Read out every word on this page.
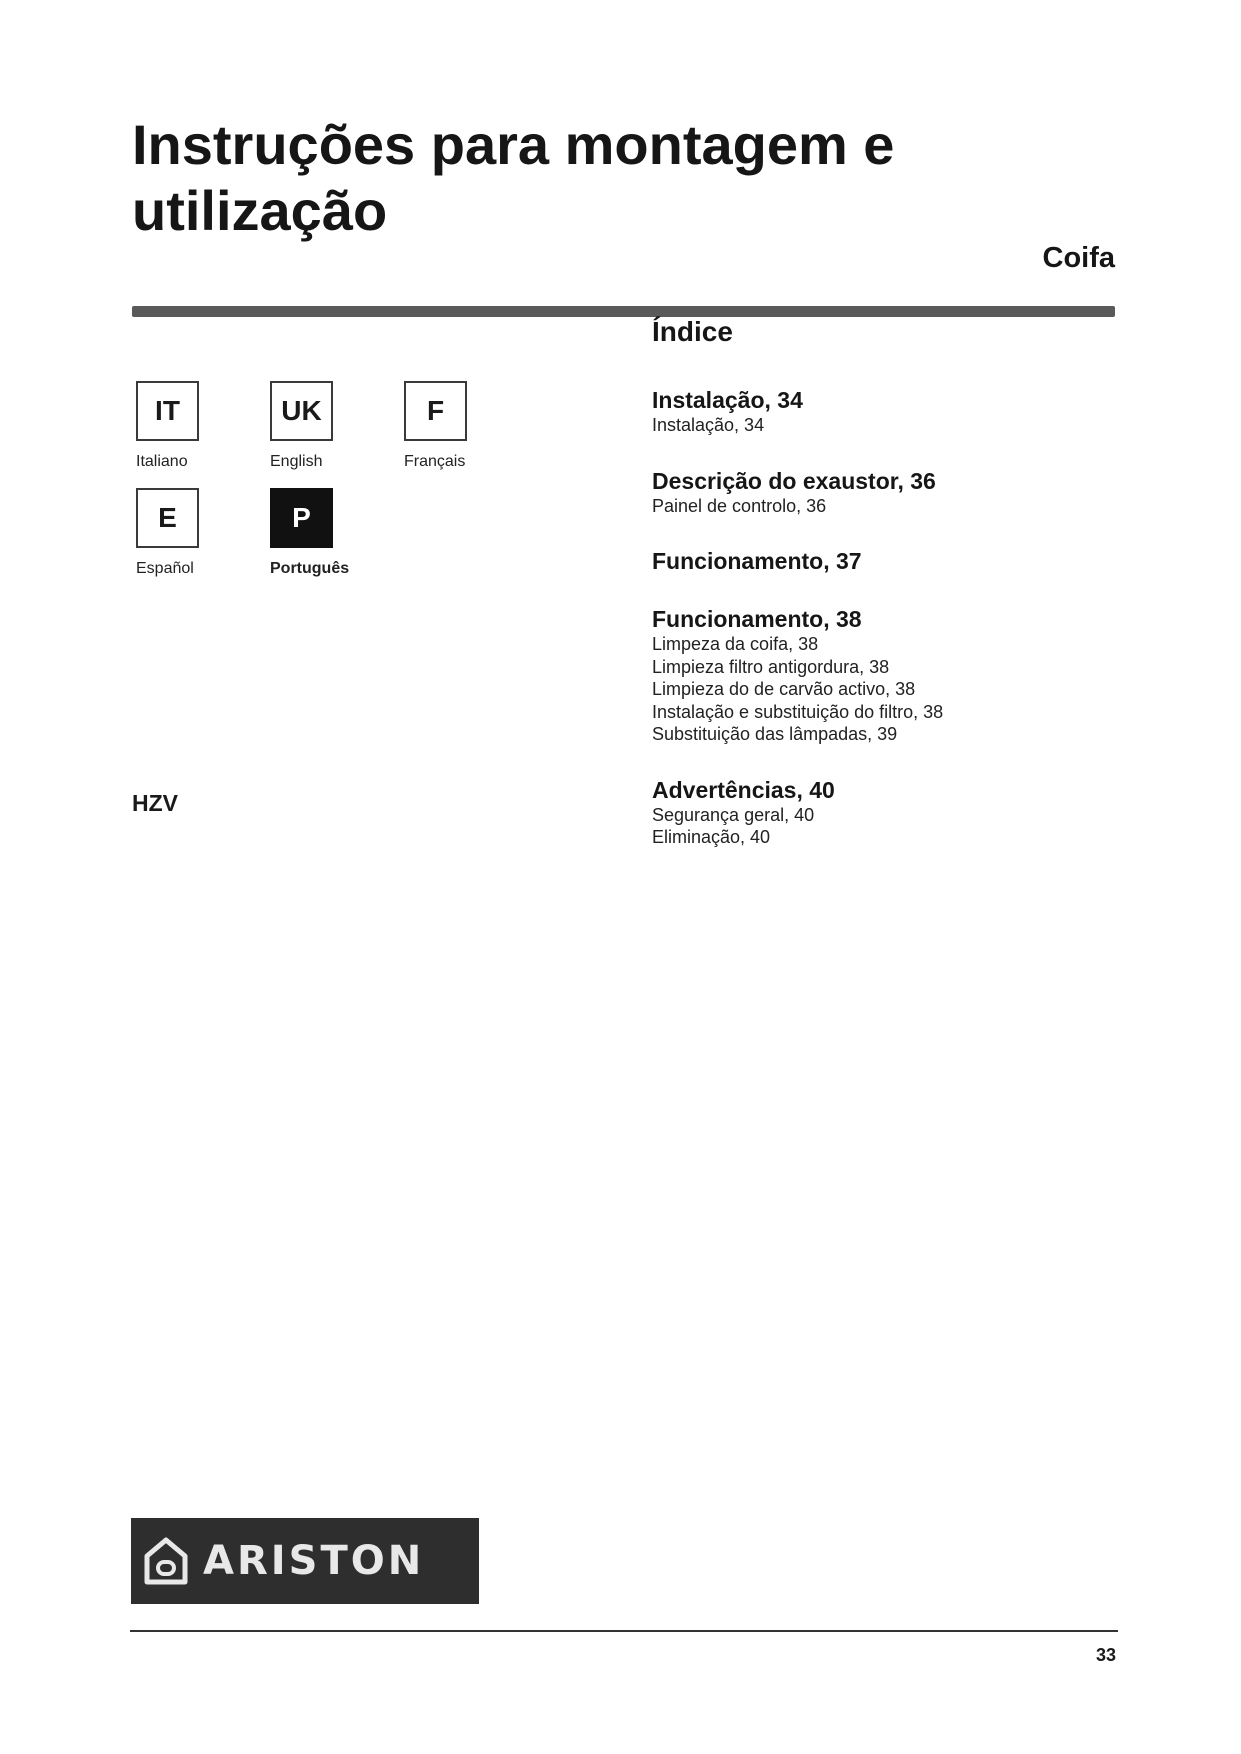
Instruções para montagem e utilização
Coifa
IT
Italiano
UK
English
F
Français
E
Español
P
Português
HZV
Índice
Instalação, 34
Instalação, 34
Descrição do exaustor, 36
Painel de controlo, 36
Funcionamento, 37
Funcionamento, 38
Limpeza da coifa, 38
Limpieza filtro antigordura, 38
Limpieza do de carvão activo, 38
Instalação e substituição do filtro, 38
Substituição das lâmpadas, 39
Advertências, 40
Segurança geral, 40
Eliminação, 40
ARISTON
33
